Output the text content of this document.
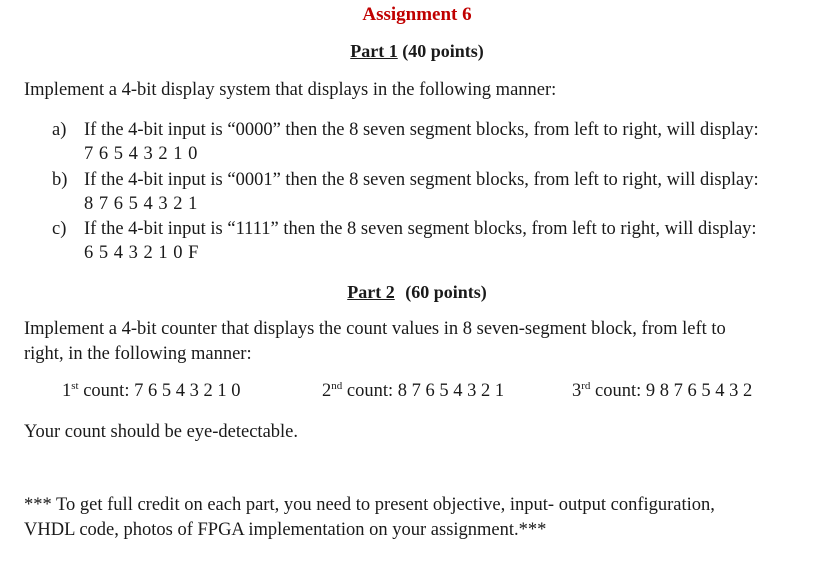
Assignment 6
Part 1 (40 points)
Implement a 4-bit display system that displays in the following manner:
a) If the 4-bit input is “0000” then the 8 seven segment blocks, from left to right, will display:
7 6 5 4 3 2 1 0
b) If the 4-bit input is “0001” then the 8 seven segment blocks, from left to right, will display:
8 7 6 5 4 3 2 1
c) If the 4-bit input is “1111” then the 8 seven segment blocks, from left to right, will display:
6 5 4 3 2 1 0 F
Part 2 (60 points)
Implement a 4-bit counter that displays the count values in 8 seven-segment block, from left to
right, in the following manner:
1st count: 7 6 5 4 3 2 1 0	2nd count: 8 7 6 5 4 3 2 1	3rd count: 9 8 7 6 5 4 3 2
Your count should be eye-detectable.
*** To get full credit on each part, you need to present objective, input- output configuration,
VHDL code, photos of FPGA implementation on your assignment.***
